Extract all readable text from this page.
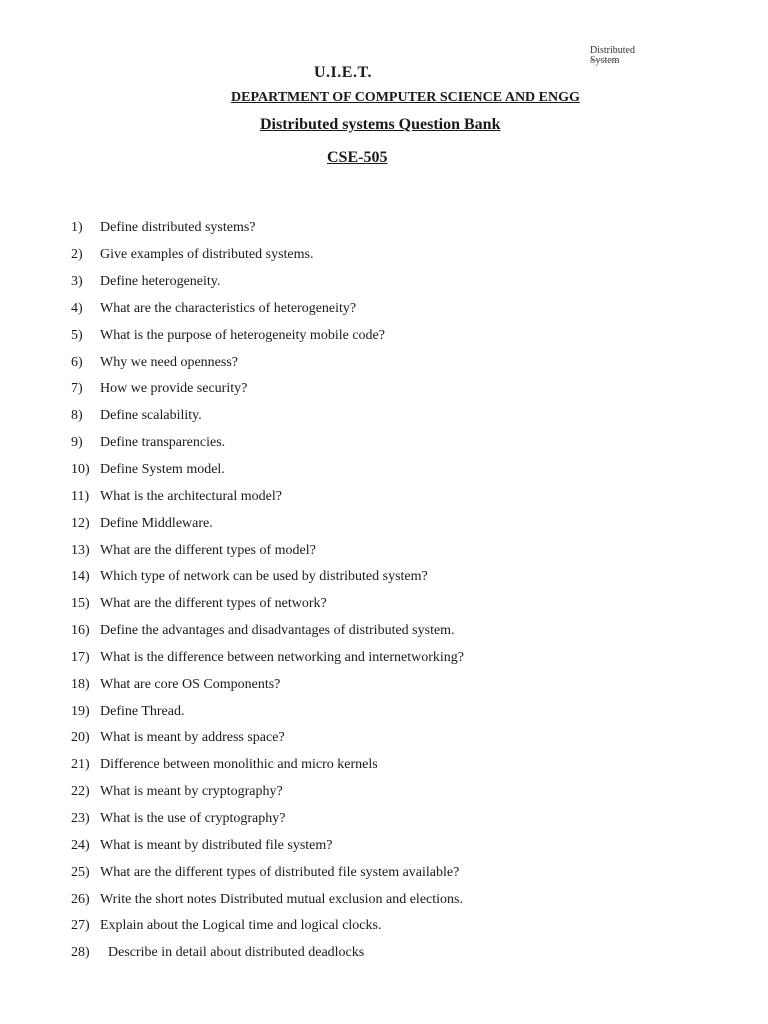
Distributed
System
U.I.E.T.
DEPARTMENT OF COMPUTER SCIENCE AND ENGG
Distributed systems Question Bank
CSE-505
1)	Define distributed systems?
2)	Give examples of distributed systems.
3)	Define heterogeneity.
4)	What are the characteristics of heterogeneity?
5)	What is the purpose of heterogeneity mobile code?
6)	Why we need openness?
7)	How we provide security?
8)	Define scalability.
9)	Define transparencies.
10) Define System model.
11) What is the architectural model?
12) Define Middleware.
13) What are the different types of model?
14) Which type of network can be used by distributed system?
15) What are the different types of network?
16) Define the advantages and disadvantages of distributed system.
17) What is the difference between networking and internetworking?
18) What are core OS Components?
19) Define Thread.
20) What is meant by address space?
21) Difference between monolithic and micro kernels
22) What is meant by cryptography?
23) What is the use of cryptography?
24) What is meant by distributed file system?
25) What are the different types of distributed file system available?
26) Write the short notes Distributed mutual exclusion and elections.
27) Explain about the Logical time and logical clocks.
28)	Describe in detail about distributed deadlocks
